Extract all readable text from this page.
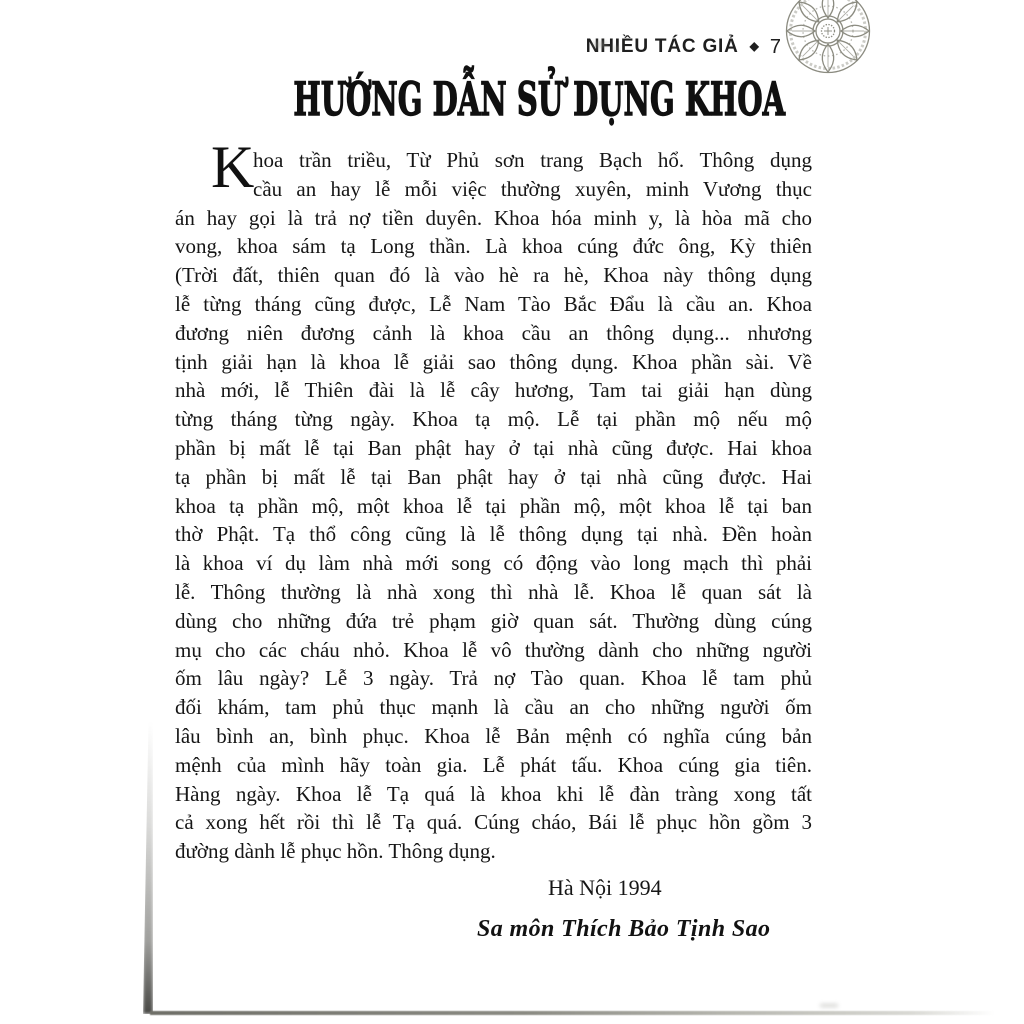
NHIỀU TÁC GIẢ ◆ 7
HƯỚNG DẪN SỬ DỤNG KHOA
K
hoa trần triều, Từ Phủ sơn trang Bạch hổ. Thông dụng
cầu an hay lễ mỗi việc thường xuyên, minh Vương thục
án hay gọi là trả nợ tiền duyên. Khoa hóa minh y, là hòa mã cho
vong, khoa sám tạ Long thần. Là khoa cúng đức ông, Kỳ thiên
(Trời đất, thiên quan đó là vào hè ra hè, Khoa này thông dụng
lễ từng tháng cũng được, Lễ Nam Tào Bắc Đẩu là cầu an. Khoa
đương niên đương cảnh là khoa cầu an thông dụng... nhương
tịnh giải hạn là khoa lễ giải sao thông dụng. Khoa phần sài. Về
nhà mới, lễ Thiên đài là lễ cây hương, Tam tai giải hạn dùng
từng tháng từng ngày. Khoa tạ mộ. Lễ tại phần mộ nếu mộ
phần bị mất lễ tại Ban phật hay ở tại nhà cũng được. Hai khoa
tạ phần bị mất lễ tại Ban phật hay ở tại nhà cũng được. Hai
khoa tạ phần mộ, một khoa lễ tại phần mộ, một khoa lễ tại ban
thờ Phật. Tạ thổ công cũng là lễ thông dụng tại nhà. Đền hoàn
là khoa ví dụ làm nhà mới song có động vào long mạch thì phải
lễ. Thông thường là nhà xong thì nhà lễ. Khoa lễ quan sát là
dùng cho những đứa trẻ phạm giờ quan sát. Thường dùng cúng
mụ cho các cháu nhỏ. Khoa lễ vô thường dành cho những người
ốm lâu ngày? Lễ 3 ngày. Trả nợ Tào quan. Khoa lễ tam phủ
đối khám, tam phủ thục mạnh là cầu an cho những người ốm
lâu bình an, bình phục. Khoa lễ Bản mệnh có nghĩa cúng bản
mệnh của mình hãy toàn gia. Lễ phát tấu. Khoa cúng gia tiên.
Hàng ngày. Khoa lễ Tạ quá là khoa khi lễ đàn tràng xong tất
cả xong hết rồi thì lễ Tạ quá. Cúng cháo, Bái lễ phục hồn gồm 3
đường dành lễ phục hồn. Thông dụng.
Hà Nội 1994
Sa môn Thích Bảo Tịnh Sao
